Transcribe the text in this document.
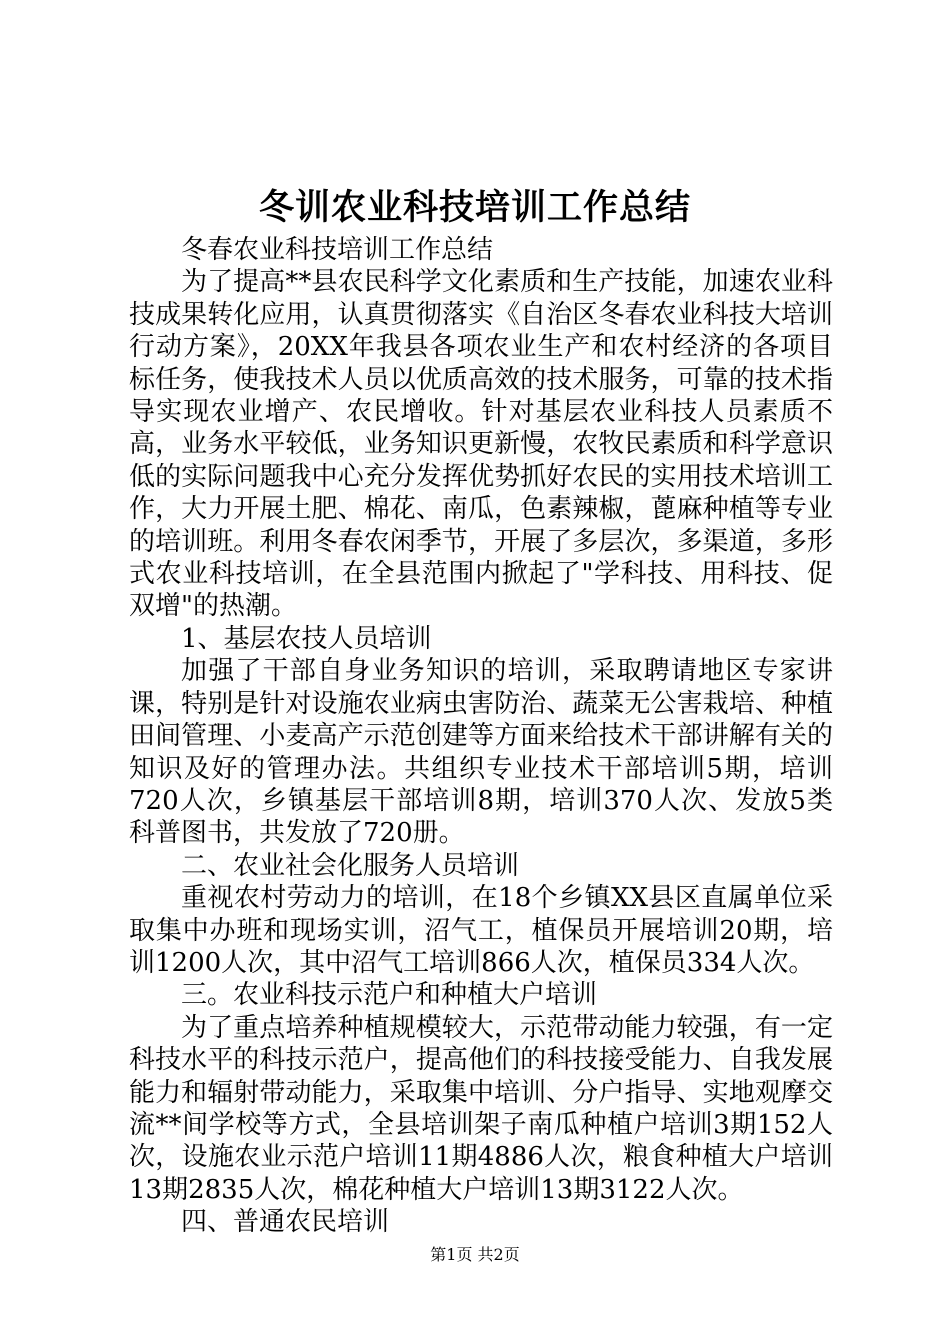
冬训农业科技培训工作总结

冬春农业科技培训工作总结

为了提高**县农民科学文化素质和生产技能，加速农业科技成果转化应用，认真贯彻落实《自治区冬春农业科技大培训行动方案》，20XX年我县各项农业生产和农村经济的各项目标任务，使我技术人员以优质高效的技术服务，可靠的技术指导实现农业增产、农民增收。针对基层农业科技人员素质不高，业务水平较低，业务知识更新慢，农牧民素质和科学意识低的实际问题我中心充分发挥优势抓好农民的实用技术培训工作，大力开展土肥、棉花、南瓜，色素辣椒，蓖麻种植等专业的培训班。利用冬春农闲季节，开展了多层次，多渠道，多形式农业科技培训，在全县范围内掀起了"学科技、用科技、促双增"的热潮。

1、基层农技人员培训

加强了干部自身业务知识的培训，采取聘请地区专家讲课，特别是针对设施农业病虫害防治、蔬菜无公害栽培、种植田间管理、小麦高产示范创建等方面来给技术干部讲解有关的知识及好的管理办法。共组织专业技术干部培训5期，培训720人次，乡镇基层干部培训8期，培训370人次、发放5类科普图书，共发放了720册。

二、农业社会化服务人员培训

重视农村劳动力的培训，在18个乡镇XX县区直属单位采取集中办班和现场实训，沼气工，植保员开展培训20期，培训1200人次，其中沼气工培训866人次，植保员334人次。

三。农业科技示范户和种植大户培训

为了重点培养种植规模较大，示范带动能力较强，有一定科技水平的科技示范户，提高他们的科技接受能力、自我发展能力和辐射带动能力，采取集中培训、分户指导、实地观摩交流**间学校等方式，全县培训架子南瓜种植户培训3期152人次，设施农业示范户培训11期4886人次，粮食种植大户培训13期2835人次，棉花种植大户培训13期3122人次。

四、普通农民培训

第1页 共2页
